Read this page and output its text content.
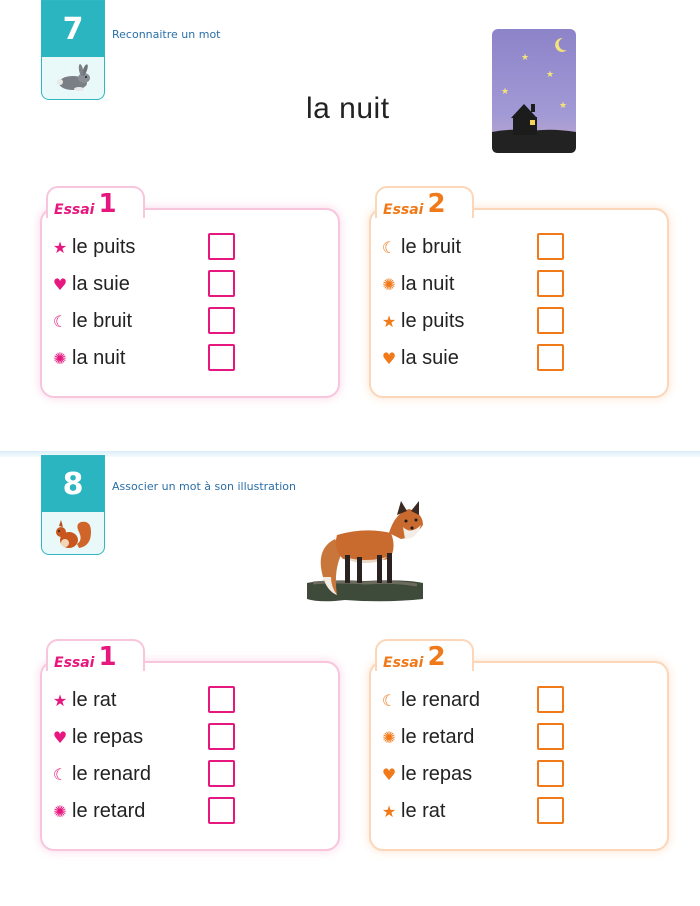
7	Reconnaitre un mot
★
★
★
★
la nuit
Essai 1
★ le puits
♥ la suie
☾ le bruit
✺ la nuit
Essai 2
☾ le bruit
✺ la nuit
★ le puits
♥ la suie
8	Associer un mot à son illustration
Essai 1
★ le rat
♥ le repas
☾ le renard
✺ le retard
Essai 2
☾ le renard
✺ le retard
♥ le repas
★ le rat
